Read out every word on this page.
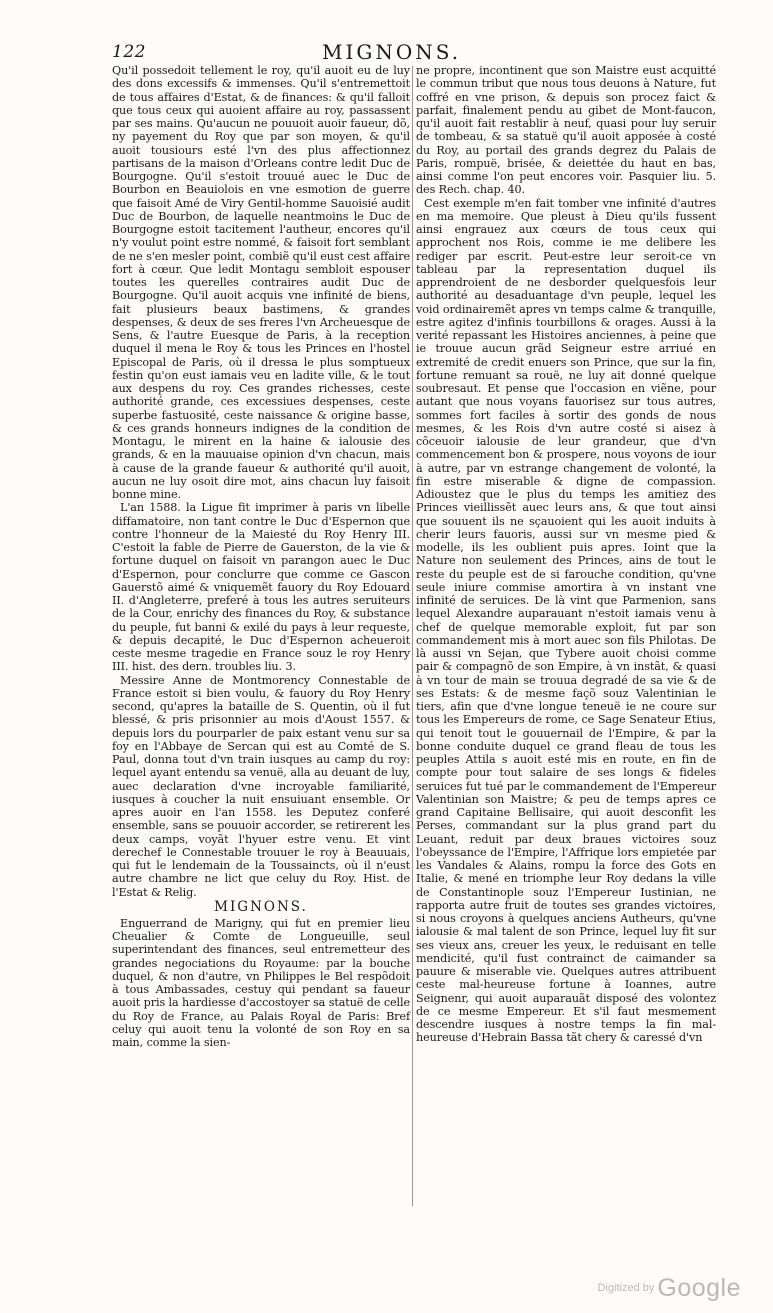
122	MIGNONS.

Qu'il possedoit tellement le roy, qu'il auoit eu de luy des dons excessifs & immenses. Qu'il s'entremettoit de tous affaires d'Estat, & de finances: & qu'il falloit que tous ceux qui auoient affaire au roy, passassent par ses mains. Qu'aucun ne pouuoit auoir faueur, dõ, ny payement du Roy que par son moyen, & qu'il auoit tousiours esté l'vn des plus affectionnez partisans de la maison d'Orleans contre ledit Duc de Bourgogne. Qu'il s'estoit trouué auec le Duc de Bourbon en Beauiolois en vne esmotion de guerre que faisoit Amé de Viry Gentil-homme Sauoisié audit Duc de Bourbon, de laquelle neantmoins le Duc de Bourgogne estoit tacitement l'autheur, encores qu'il n'y voulut point estre nommé, & faisoit fort semblant de ne s'en mesler point, combiẽ qu'il eust cest affaire fort à cœur. Que ledit Montagu sembloit espouser toutes les querelles contraires audit Duc de Bourgogne. Qu'il auoit acquis vne infinité de biens, fait plusieurs beaux bastimens, & grandes despenses, & deux de ses freres l'vn Archeuesque de Sens, & l'autre Euesque de Paris, à la reception duquel il mena le Roy & tous les Princes en l'hostel Episcopal de Paris, où il dressa le plus somptueux festin qu'on eust iamais veu en ladite ville, & le tout aux despens du roy. Ces grandes richesses, ceste authorité grande, ces excessiues despenses, ceste superbe fastuosité, ceste naissance & origine basse, & ces grands honneurs indignes de la condition de Montagu, le mirent en la haine & ialousie des grands, & en la mauuaise opinion d'vn chacun, mais à cause de la grande faueur & authorité qu'il auoit, aucun ne luy osoit dire mot, ains chacun luy faisoit bonne mine.

L'an 1588. la Ligue fit imprimer à paris vn libelle diffamatoire, non tant contre le Duc d'Espernon que contre l'honneur de la Maiesté du Roy Henry III. C'estoit la fable de Pierre de Gauerston, de la vie & fortune duquel on faisoit vn parangon auec le Duc d'Espernon, pour conclurre que comme ce Gascon Gauerstõ aimé & vniquemẽt fauory du Roy Edouard II. d'Angleterre, preferé à tous les autres seruiteurs de la Cour, enrichy des finances du Roy, & substance du peuple, fut banni & exilé du pays à leur requeste, & depuis decapité, le Duc d'Espernon acheueroit ceste mesme tragedie en France souz le roy Henry III. hist. des dern. troubles liu. 3.

Messire Anne de Montmorency Connestable de France estoit si bien voulu, & fauory du Roy Henry second, qu'apres la bataille de S. Quentin, où il fut blessé, & pris prisonnier au mois d'Aoust 1557. & depuis lors du pourparler de paix estant venu sur sa foy en l'Abbaye de Sercan qui est au Comté de S. Paul, donna tout d'vn train iusques au camp du roy: lequel ayant entendu sa venuë, alla au deuant de luy, auec declaration d'vne incroyable familiarité, iusques à coucher la nuit ensuiuant ensemble. Or apres auoir en l'an 1558. les Deputez conferé ensemble, sans se pouuoir accorder, se retirerent les deux camps, voyãt l'hyuer estre venu. Et vint derechef le Connestable trouuer le roy à Beauuais, qui fut le lendemain de la Toussaincts, où il n'eust autre chambre ne lict que celuy du Roy. Hist. de l'Estat & Relig.

MIGNONS.

Enguerrand de Marigny, qui fut en premier lieu Cheualier & Comte de Longueuille, seul superintendant des finances, seul entremetteur des grandes negociations du Royaume: par la bouche duquel, & non d'autre, vn Philippes le Bel respõdoit à tous Ambassades, cestuy qui pendant sa faueur auoit pris la hardiesse d'accostoyer sa statuë de celle du Roy de France, au Palais Royal de Paris: Bref celuy qui auoit tenu la volonté de son Roy en sa main, comme la sien-

ne propre, incontinent que son Maistre eust acquitté le commun tribut que nous tous deuons à Nature, fut coffré en vne prison, & depuis son procez faict & parfait, finalement pendu au gibet de Mont-faucon, qu'il auoit fait restablir à neuf, quasi pour luy seruir de tombeau, & sa statuë qu'il auoit apposée à costé du Roy, au portail des grands degrez du Palais de Paris, rompuë, brisée, & deiettée du haut en bas, ainsi comme l'on peut encores voir. Pasquier liu. 5. des Rech. chap. 40.

Cest exemple m'en fait tomber vne infinité d'autres en ma memoire. Que pleust à Dieu qu'ils fussent ainsi engrauez aux cœurs de tous ceux qui approchent nos Rois, comme ie me delibere les rediger par escrit. Peut-estre leur seroit-ce vn tableau par la representation duquel ils apprendroient de ne desborder quelquesfois leur authorité au desaduantage d'vn peuple, lequel les void ordinairemẽt apres vn temps calme & tranquille, estre agitez d'infinis tourbillons & orages. Aussi à la verité repassant les Histoires anciennes, à peine que ie trouue aucun grãd Seigneur estre arriué en extremité de credit enuers son Prince, que sur la fin, fortune remuant sa rouë, ne luy ait donné quelque soubresaut. Et pense que l'occasion en viẽne, pour autant que nous voyans fauorisez sur tous autres, sommes fort faciles à sortir des gonds de nous mesmes, & les Rois d'vn autre costé si aisez à cõceuoir ialousie de leur grandeur, que d'vn commencement bon & prospere, nous voyons de iour à autre, par vn estrange changement de volonté, la fin estre miserable & digne de compassion. Adioustez que le plus du temps les amitiez des Princes vieillissẽt auec leurs ans, & que tout ainsi que souuent ils ne sçauoient qui les auoit induits à cherir leurs fauoris, aussi sur vn mesme pied & modelle, ils les oublient puis apres. Ioint que la Nature non seulement des Princes, ains de tout le reste du peuple est de si farouche condition, qu'vne seule iniure commise amortira à vn instant vne infinité de seruices. De là vint que Parmenion, sans lequel Alexandre auparauant n'estoit iamais venu à chef de quelque memorable exploit, fut par son commandement mis à mort auec son fils Philotas. De là aussi vn Sejan, que Tybere auoit choisi comme pair & compagnõ de son Empire, à vn instãt, & quasi à vn tour de main se trouua degradé de sa vie & de ses Estats: & de mesme façõ souz Valentinian le tiers, afin que d'vne longue teneuë ie ne coure sur tous les Empereurs de rome, ce Sage Senateur Etius, qui tenoit tout le gouuernail de l'Empire, & par la bonne conduite duquel ce grand fleau de tous les peuples Attila s auoit esté mis en route, en fin de compte pour tout salaire de ses longs & fideles seruices fut tué par le commandement de l'Empereur Valentinian son Maistre; & peu de temps apres ce grand Capitaine Bellisaire, qui auoit desconfit les Perses, commandant sur la plus grand part du Leuant, reduit par deux braues victoires souz l'obeyssance de l'Empire, l'Affrique lors empietée par les Vandales & Alains, rompu la force des Gots en Italie, & mené en triomphe leur Roy dedans la ville de Constantinople souz l'Empereur Iustinian, ne rapporta autre fruit de toutes ses grandes victoires, si nous croyons à quelques anciens Autheurs, qu'vne ialousie & mal talent de son Prince, lequel luy fit sur ses vieux ans, creuer les yeux, le reduisant en telle mendicité, qu'il fust contrainct de caimander sa pauure & miserable vie. Quelques autres attribuent ceste mal-heureuse fortune à Ioannes, autre Seignenr, qui auoit auparauãt disposé des volontez de ce mesme Empereur. Et s'il faut mesmement descendre iusques à nostre temps la fin mal-heureuse d'Hebrain Bassa tãt chery & caressé d'vn

$^{Digitized by}$ Google
